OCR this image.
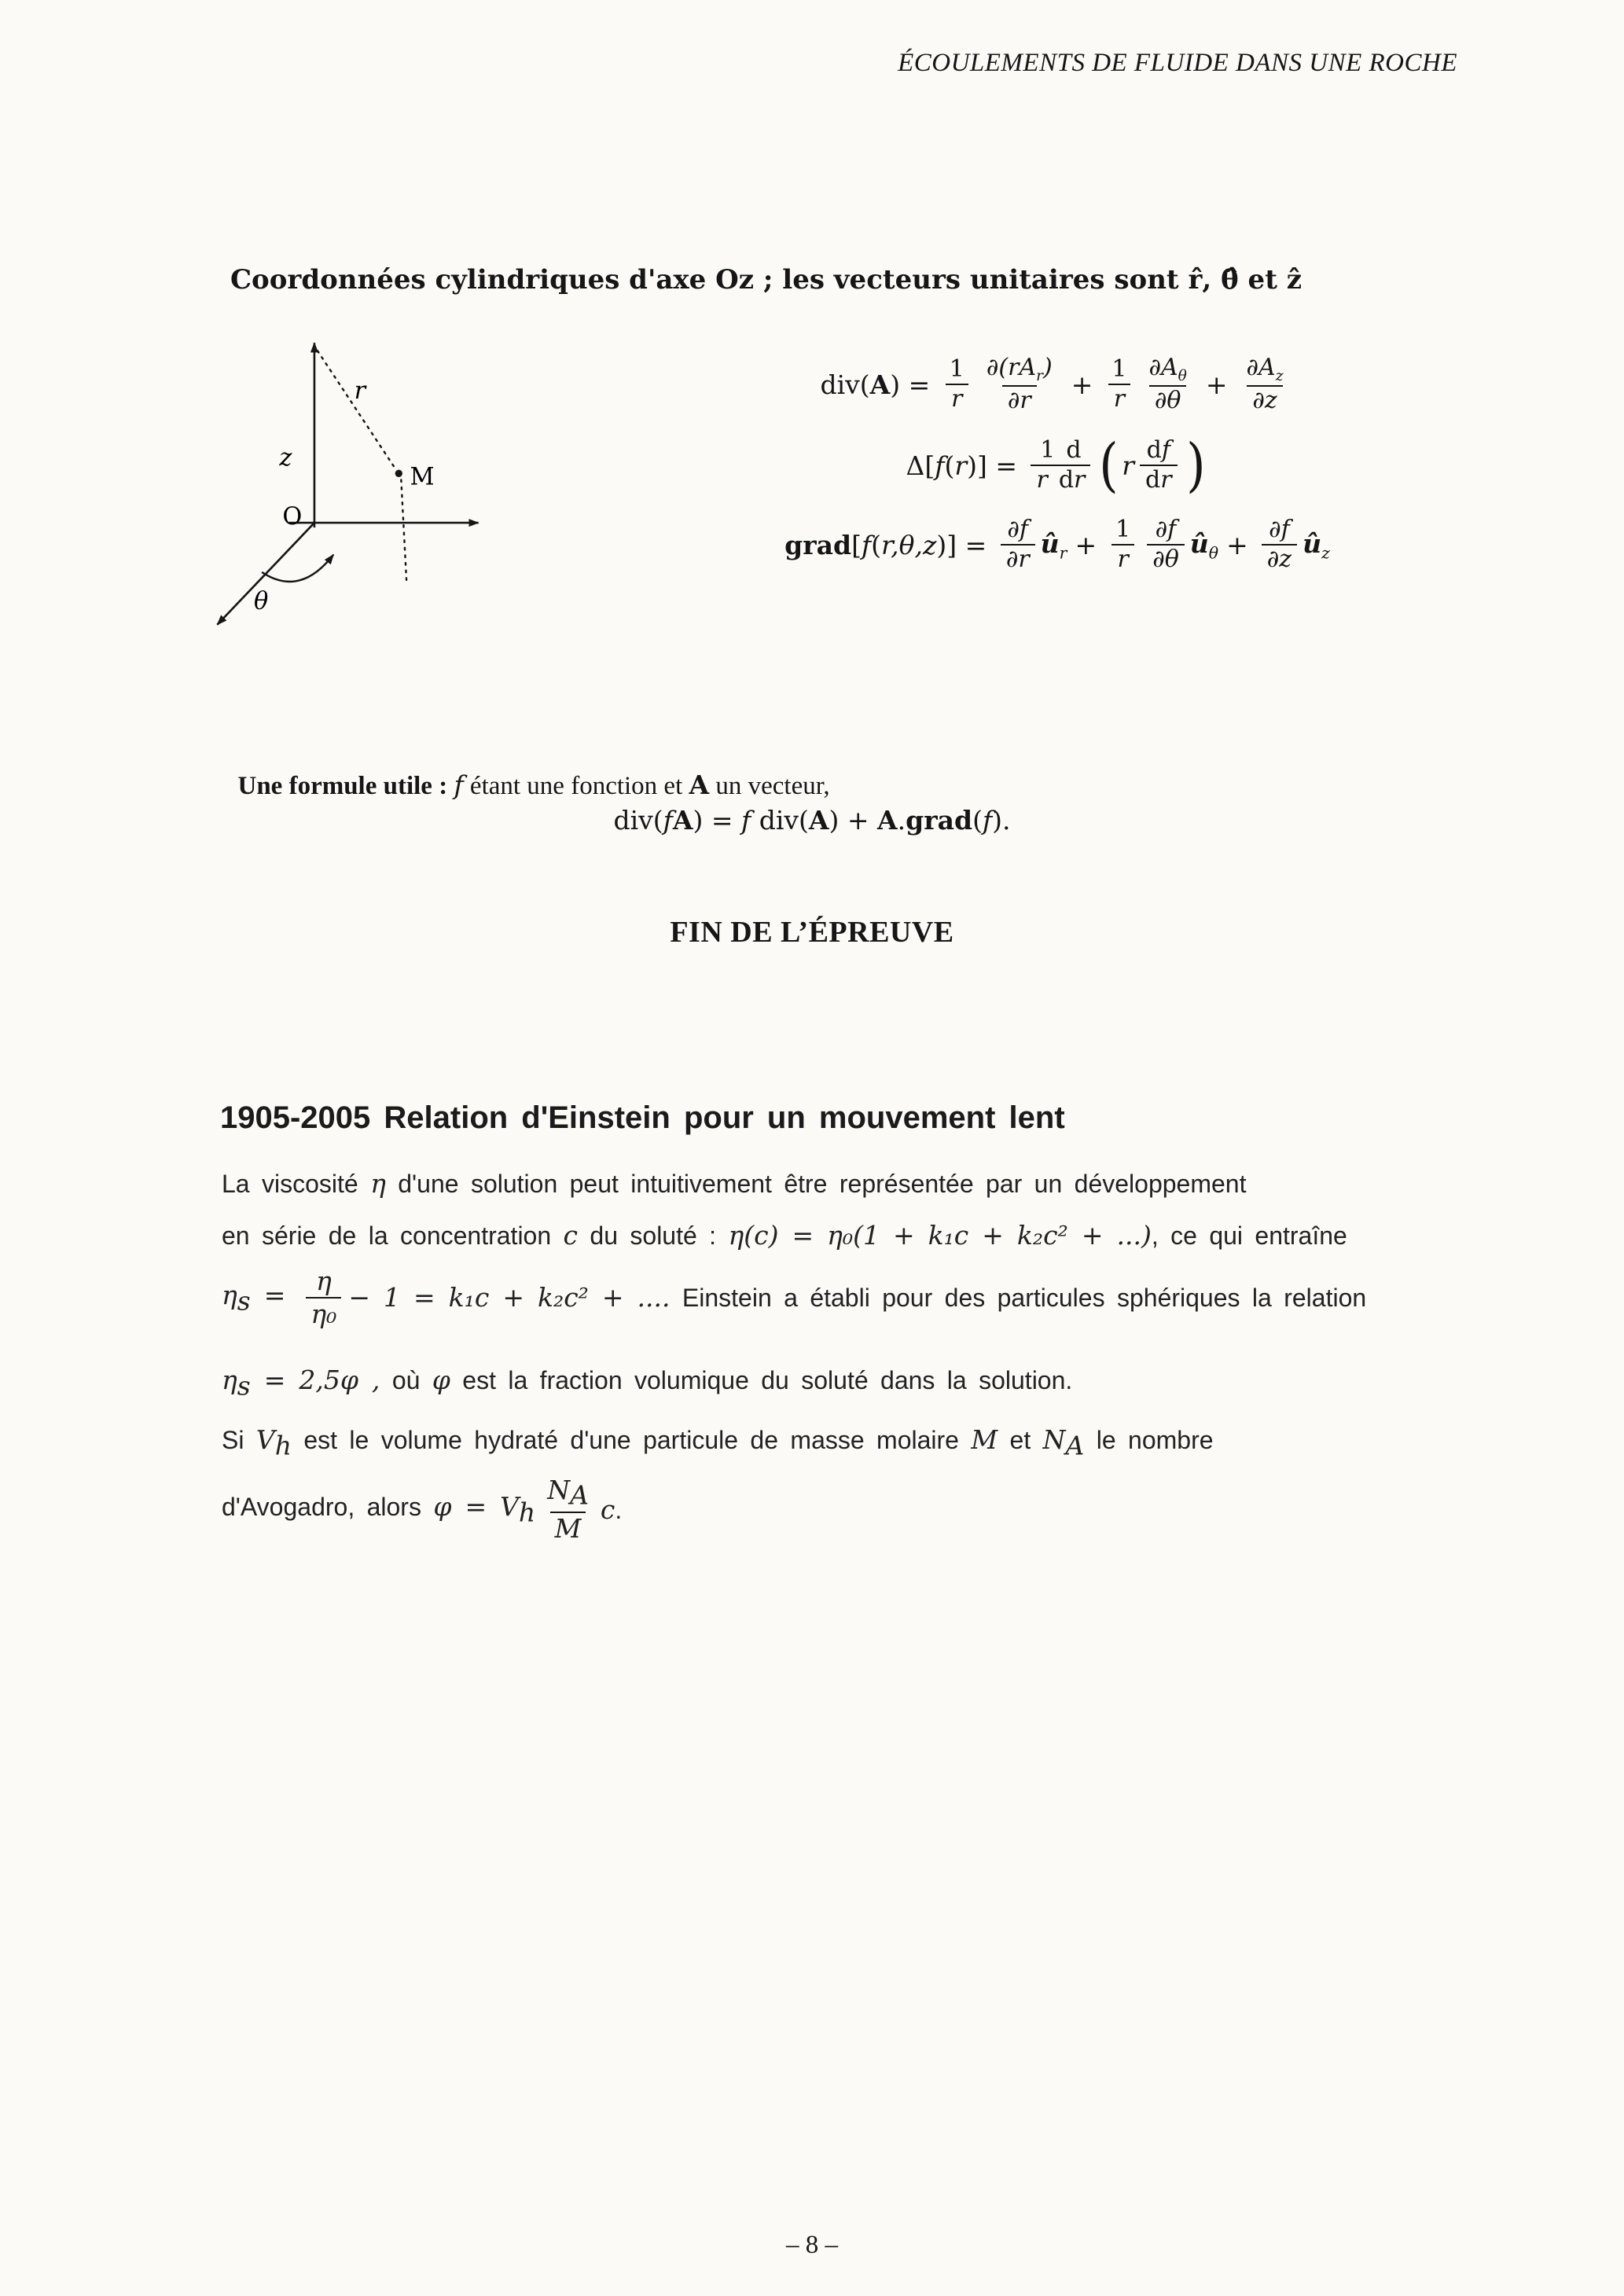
ÉCOULEMENTS DE FLUIDE DANS UNE ROCHE
Coordonnées cylindriques d'axe Oz ; les vecteurs unitaires sont r̂, θ̂ et ẑ
z
r
M
O
θ
div( A ) = $\frac{1}{r} \frac{\partial(rA_r)}{\partial r} + \frac{1}{r} \frac{\partial A_\theta}{\partial\theta} + \frac{\partial A_z}{\partial z}$
Δ[ f ( r )] = $\frac{1 d}{\text{r dr}}$ ( r $\frac{df}{dr}$ )
grad [ f ( r,θ,z )] = $\frac{\partial f}{\partial r}$ $û_r + \frac{1}{r} \frac{\partial f}{\partial\theta}$ $û_\theta + \frac{\partial f}{\partial z}$ $û_z$

Une formule utile : f étant une fonction et A un vecteur,

div( f A ) = f div( A ) + A . grad ( f ).
FIN DE L’ÉPREUVE
1905-2005 Relation d'Einstein pour un mouvement lent
La viscosité η d'une solution peut intuitivement être représentée par un développement
en série de la concentration c du soluté : η(c) = η₀(1 + k₁c + k₂c² + ...), ce qui entraîne
$\eta_s = \frac{\eta}{\text{η₀}} - 1 = k_1c + k_2c^2$ + .... Einstein a établi pour des particules sphériques la relation
$\eta_s = 2,5\varphi$ , où φ est la fraction volumique du soluté dans la solution.
Si $V_h$ est le volume hydraté d'une particule de masse molaire M et $N_A$ le nombre
d'Avogadro, alors $\varphi = V_h$
$N_A$
M
c.
– 8 –
